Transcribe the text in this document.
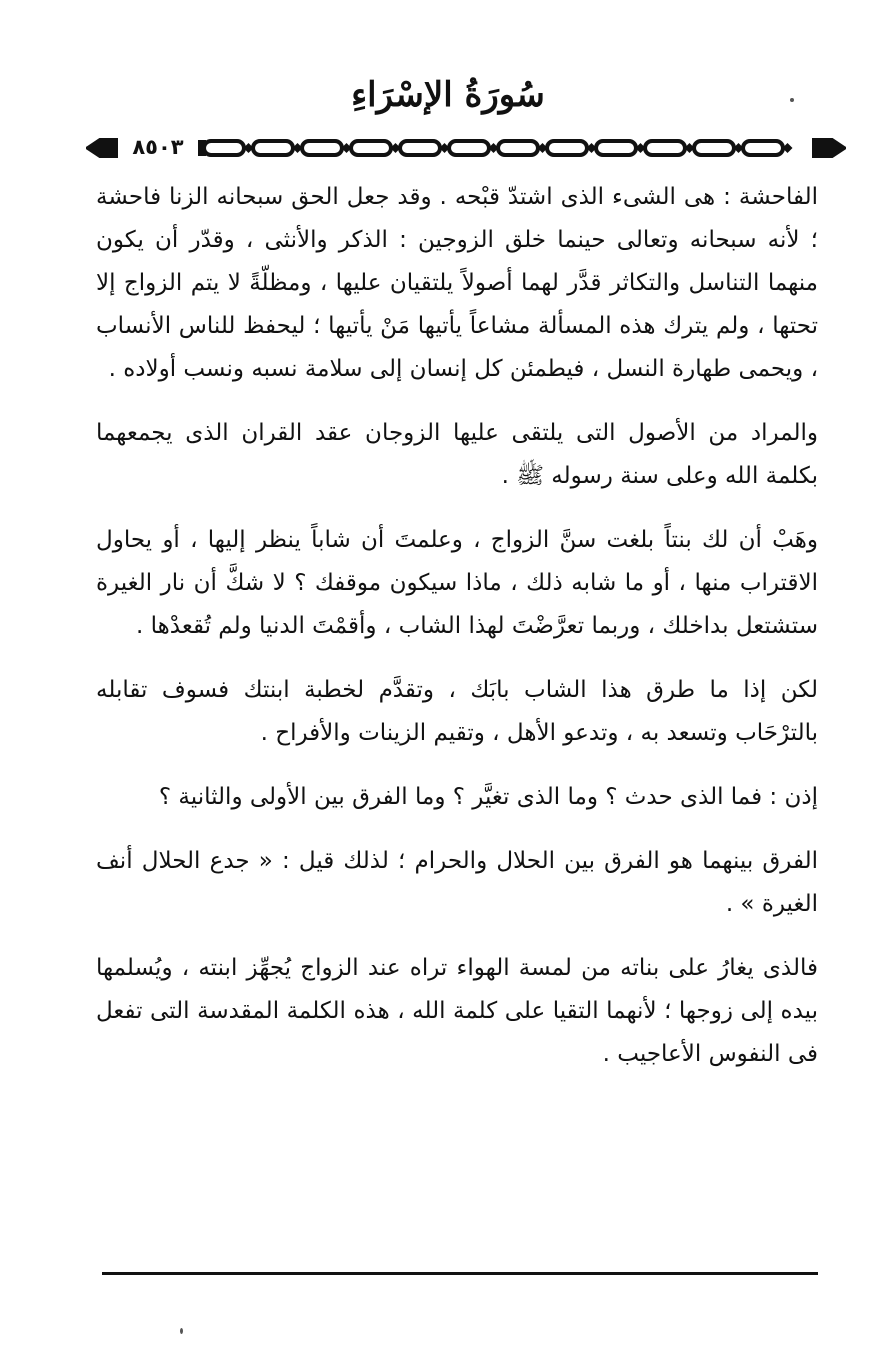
سُورَةُ الإسْرَاءِ
٨٥٠٣

الفاحشة : هى الشىء الذى اشتدّ قبْحه . وقد جعل الحق سبحانه الزنا فاحشة ؛ لأنه سبحانه وتعالى حينما خلق الزوجين : الذكر والأنثى ، وقدّر أن يكون منهما التناسل والتكاثر قدَّر لهما أصولاً يلتقيان عليها ، ومظلّةً لا يتم الزواج إلا تحتها ، ولم يترك هذه المسألة مشاعاً يأتيها مَنْ يأتيها ؛ ليحفظ للناس الأنساب ، ويحمى طهارة النسل ، فيطمئن كل إنسان إلى سلامة نسبه ونسب أولاده .

والمراد من الأصول التى يلتقى عليها الزوجان عقد القران الذى يجمعهما بكلمة الله وعلى سنة رسوله ﷺ .

وهَبْ أن لك بنتاً بلغت سنَّ الزواج ، وعلمتَ أن شاباً ينظر إليها ، أو يحاول الاقتراب منها ، أو ما شابه ذلك ، ماذا سيكون موقفك ؟ لا شكَّ أن نار الغيرة ستشتعل بداخلك ، وربما تعرَّضْتَ لهذا الشاب ، وأقمْتَ الدنيا ولم تُقعدْها .

لكن إذا ما طرق هذا الشاب بابَك ، وتقدَّم لخطبة ابنتك فسوف تقابله بالترْحَاب وتسعد به ، وتدعو الأهل ، وتقيم الزينات والأفراح .

إذن : فما الذى حدث ؟ وما الذى تغيَّر ؟ وما الفرق بين الأولى والثانية ؟

الفرق بينهما هو الفرق بين الحلال والحرام ؛ لذلك قيل : « جدع الحلال أنف الغيرة » .

فالذى يغارُ على بناته من لمسة الهواء تراه عند الزواج يُجهِّز ابنته ، ويُسلمها بيده إلى زوجها ؛ لأنهما التقيا على كلمة الله ، هذه الكلمة المقدسة التى تفعل فى النفوس الأعاجيب .
